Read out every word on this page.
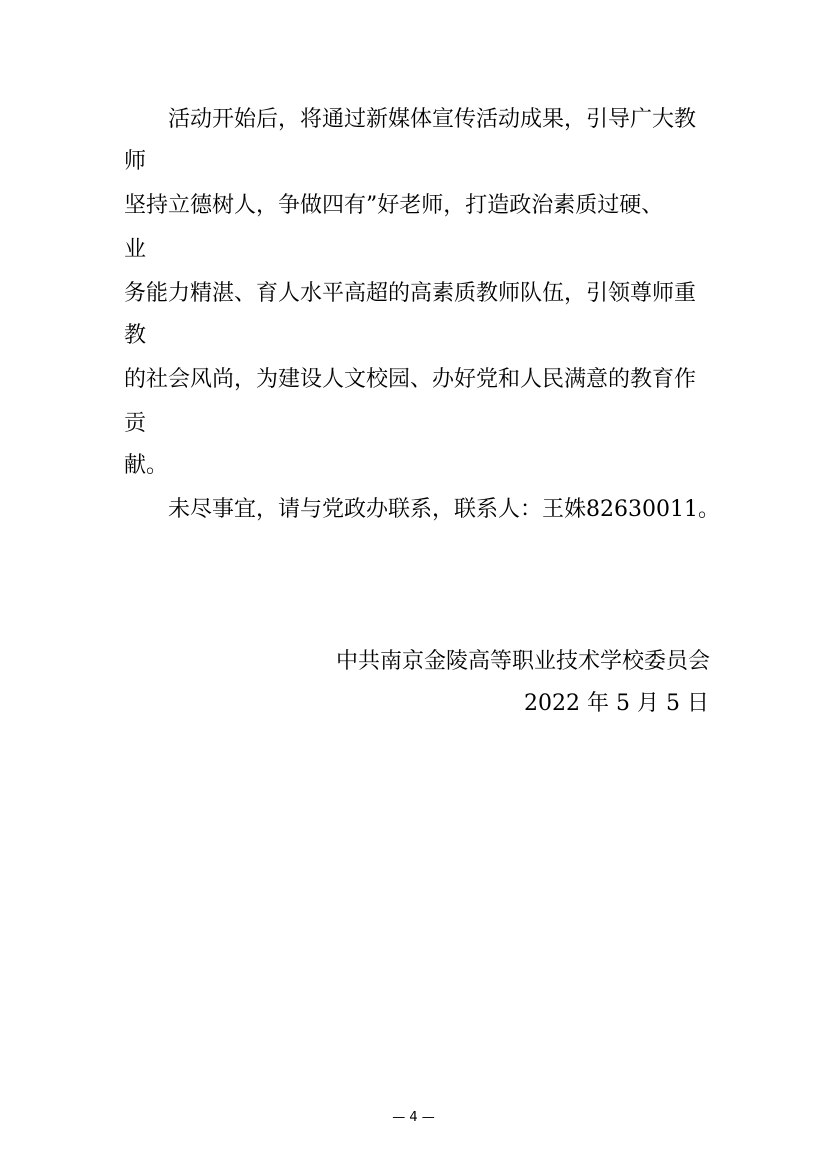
活动开始后，将通过新媒体宣传活动成果，引导广大教

师

坚持立德树人，争做四有”好老师，打造政治素质过硬、

业

务能力精湛、育人水平高超的高素质教师队伍，引领尊师重

教

的社会风尚，为建设人文校园、办好党和人民满意的教育作

贡

献。

未尽事宜，请与党政办联系，联系人：王姝82630011。

中共南京金陵高等职业技术学校委员会
2022 年 5 月 5 日
— 4 —
